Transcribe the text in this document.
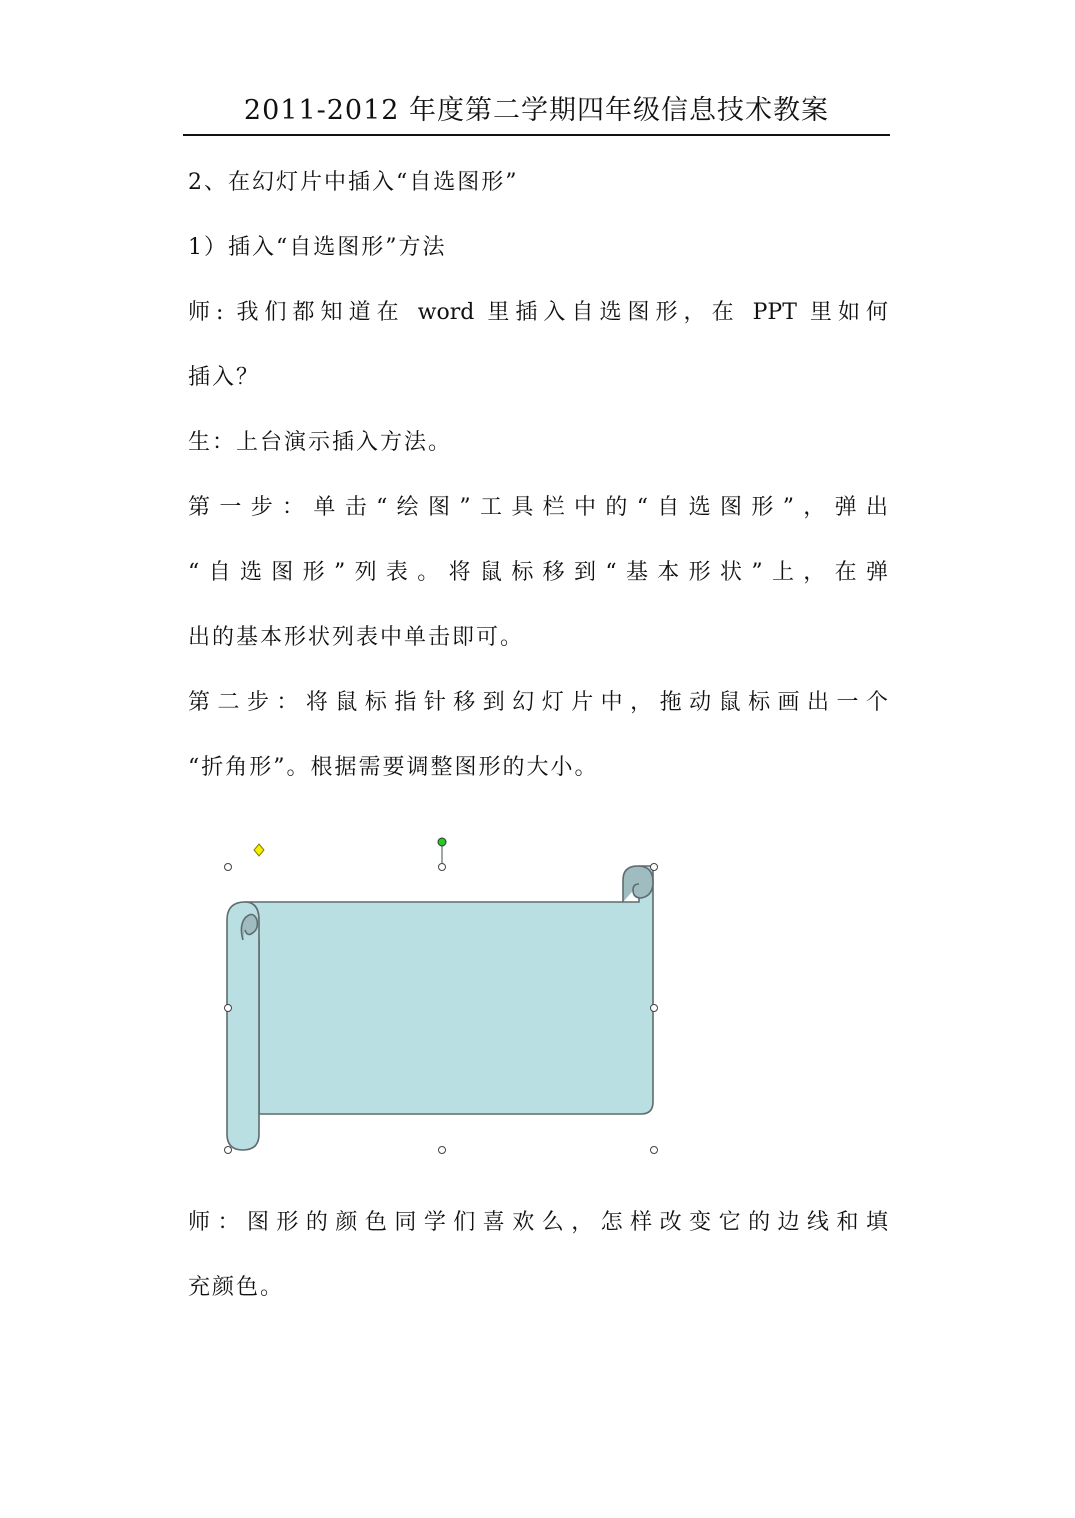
2011-2012 年度第二学期四年级信息技术教案
2、在幻灯片中插入“自选图形”
1）插入“自选图形”方法
师: 我们都知道在 word 里插入自选图形，在 PPT 里如何
插入？
生：上台演示插入方法。
第一步：单击“绘图”工具栏中的“自选图形”，弹出
“自选图形”列表。将鼠标移到“基本形状”上，在弹
出的基本形状列表中单击即可。
第二步：将鼠标指针移到幻灯片中，拖动鼠标画出一个
“折角形”。根据需要调整图形的大小。
师：图形的颜色同学们喜欢么，怎样改变它的边线和填
充颜色。
